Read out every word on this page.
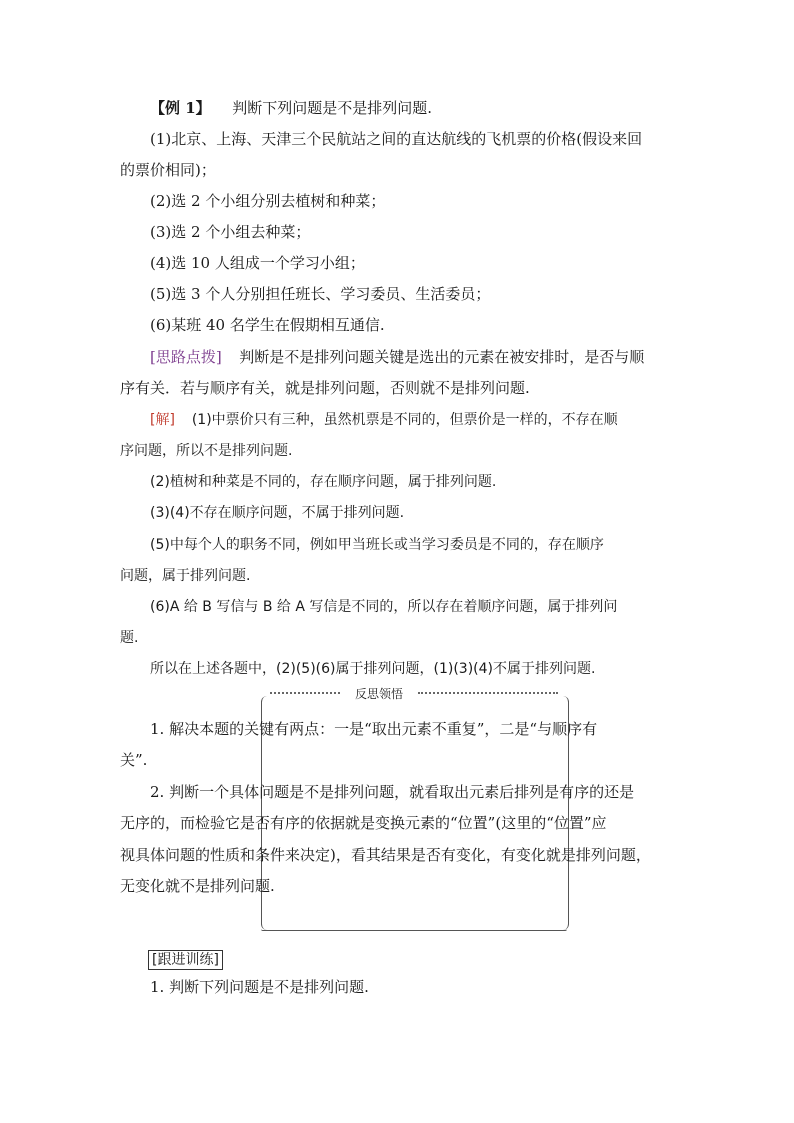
【例 1】 判断下列问题是不是排列问题.
(1)北京、上海、天津三个民航站之间的直达航线的飞机票的价格(假设来回
的票价相同)；
(2)选 2 个小组分别去植树和种菜；
(3)选 2 个小组去种菜；
(4)选 10 人组成一个学习小组；
(5)选 3 个人分别担任班长、学习委员、生活委员；
(6)某班 40 名学生在假期相互通信.
[思路点拨] 判断是不是排列问题关键是选出的元素在被安排时，是否与顺
序有关．若与顺序有关，就是排列问题，否则就不是排列问题.
[解] (1)中票价只有三种，虽然机票是不同的，但票价是一样的，不存在顺
序问题，所以不是排列问题.
(2)植树和种菜是不同的，存在顺序问题，属于排列问题.
(3)(4)不存在顺序问题，不属于排列问题.
(5)中每个人的职务不同，例如甲当班长或当学习委员是不同的，存在顺序
问题，属于排列问题.
(6)A 给 B 写信与 B 给 A 写信是不同的，所以存在着顺序问题，属于排列问
题.
所以在上述各题中，(2)(5)(6)属于排列问题，(1)(3)(4)不属于排列问题.
反思领悟
1. 解决本题的关键有两点：一是“取出元素不重复”，二是“与顺序有
关”.
2. 判断一个具体问题是不是排列问题，就看取出元素后排列是有序的还是
无序的，而检验它是否有序的依据就是变换元素的“位置”(这里的“位置”应
视具体问题的性质和条件来决定)，看其结果是否有变化，有变化就是排列问题，
无变化就不是排列问题.
[跟进训练]
1. 判断下列问题是不是排列问题.
